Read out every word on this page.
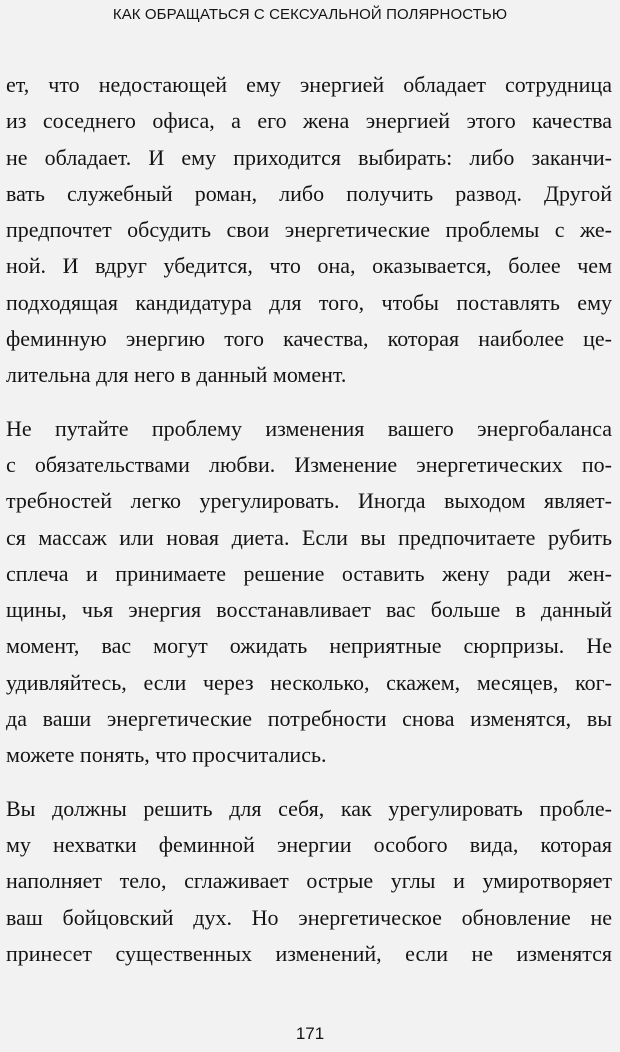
КАК ОБРАЩАТЬСЯ С СЕКСУАЛЬНОЙ ПОЛЯРНОСТЬЮ
ет, что недостающей ему энергией обладает сотрудница
из соседнего офиса, а его жена энергией этого качества
не обладает. И ему приходится выбирать: либо заканчи-
вать служебный роман, либо получить развод. Другой
предпочтет обсудить свои энергетические проблемы с же-
ной. И вдруг убедится, что она, оказывается, более чем
подходящая кандидатура для того, чтобы поставлять ему
феминную энергию того качества, которая наиболее це-
лительна для него в данный момент.
Не путайте проблему изменения вашего энергобаланса
с обязательствами любви. Изменение энергетических по-
требностей легко урегулировать. Иногда выходом являет-
ся массаж или новая диета. Если вы предпочитаете рубить
сплеча и принимаете решение оставить жену ради жен-
щины, чья энергия восстанавливает вас больше в данный
момент, вас могут ожидать неприятные сюрпризы. Не
удивляйтесь, если через несколько, скажем, месяцев, ког-
да ваши энергетические потребности снова изменятся, вы
можете понять, что просчитались.
Вы должны решить для себя, как урегулировать пробле-
му нехватки феминной энергии особого вида, которая
наполняет тело, сглаживает острые углы и умиротворяет
ваш бойцовский дух. Но энергетическое обновление не
принесет существенных изменений, если не изменятся
171
